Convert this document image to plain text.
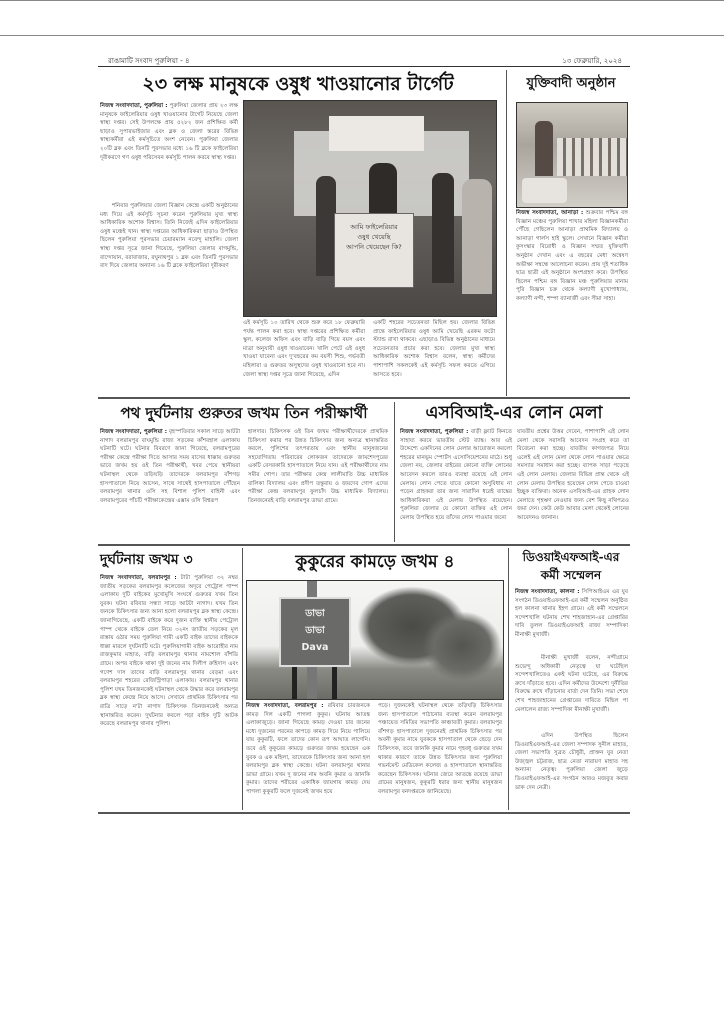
রাঙামাটি সংবাদ পুরুলিয়া - ৪	১৩ ফেব্রুয়ারি, ২০২৪
২৩ লক্ষ মানুষকে ওষুধ খাওয়ানোর টার্গেট
নিজস্ব সংবাদদাতা, পুরুলিয়া : পুরুলিয়া জেলার প্রায় ২৩ লক্ষ মানুষকে ফাইলেরিয়ার ওষুধ খাওয়ানোর টার্গেট নিয়েছে জেলা স্বাস্থ্য দপ্তর। সেই উপলক্ষে প্রায় ৫২৮২ জন প্রশিক্ষিত কর্মী ছাড়াও সুপারভাইজার এবং ব্লক ও জেলা স্তরের বিভিন্ন স্বাস্থ্যকর্মীরা এই কর্মসূচিতে অংশ নেবেন। পুরুলিয়া জেলার ২০টি ব্লক এবং তিনটি পুরসভার মধ্যে ১৬ টি ব্লকে ফাইলেরিয়া দূরীকরণে গণ ওষুধ পরিসেবন কর্মসূচি পালন করবে স্বাস্থ্য দপ্তর।
শনিবার পুরুলিয়ার জেলা বিজ্ঞান কেন্দ্রে একটি অনুষ্ঠানের মধ্য দিয়ে এই কর্মসূচি সূচনা করেন পুরুলিয়ার মুখ্য স্বাস্থ্য আধিকারিক অশোক বিশ্বাস। তিনি নিজেই এদিন ফাইলেরিয়ার ওষুধ মঞ্চেই খান। স্বাস্থ্য দপ্তরের আধিকারিকরা ছাড়াও উপস্থিত ছিলেন পুরুলিয়া পুরসভার চেয়ারম্যান নবেন্দু মাহালি। জেলা স্বাস্থ্য দপ্তর সূত্রে জানা গিয়েছে, পুরুলিয়া জেলার বাগমুন্ডি, বান্দোয়ান, বরাবাজার, রঘুনাথপুর ১ ব্লক এবং তিনটি পুরসভার বাদ দিয়ে জেলার অন্যান্য ১৬ টি ব্লকে ফাইলেরিয়া দূরীকরণ
আমি ফাইলেরিয়ার
ওষুধ খেয়েছি
আপনি খেয়েছেন কি?
এই কর্মসূচি ১০ তারিখ থেকে শুরু করে ১৮ ফেব্রুয়ারি পর্যন্ত পালন করা হবে। স্বাস্থ্য দপ্তরের প্রশিক্ষিত কর্মীরা স্কুল, কলেজ অফিস এবং বাড়ি বাড়ি গিয়ে বয়স এবং মাত্রা অনুযায়ী ওষুধ খাওয়াবেন। খালি পেটে এই ওষুধ খাওয়া যাবেনা এবং দু'বছরের কম বয়সী শিশু, গর্ভবতী মহিলারা ও গুরুতর অসুস্থদের ওষুধ খাওয়ানো হবে না। জেলা স্বাস্থ্য দপ্তর সূত্রে জানা গিয়েছে, এদিন
একটি শহরের সচেতনতা মিছিল হয়। জেলার বিভিন্ন প্রান্তে ফাইলেরিয়ার ওষুধ আমি খেয়েছি এরকম ফটো স্ট্যান্ড রাখা থাকবে। এছাড়াও বিভিন্ন অনুষ্ঠানের মাধ্যমে সচেতনতার প্রচার করা হবে। জেলার মুখ্য স্বাস্থ্য আধিকারিক অশোক বিশ্বাস বলেন, স্বাস্থ্য কর্মীদের পাশাপাশি সকলকেই এই কর্মসূচি সফল করতে এগিয়ে আসতে হবে।
যুক্তিবাদী অনুষ্ঠান
নিজস্ব সংবাদদাতা, আনাড়া : শুক্রবার পশ্চিম বঙ্গ বিজ্ঞান মঞ্চের পুরুলিয়া শাখার মহিলা বিজ্ঞানকর্মীরা পৌঁছে গেছিলেন আনাড়া প্রাথমিক বিদ্যালয় ও আনাড়া গার্লস হাই স্কুলে। সেখানে বিজ্ঞান কর্মীরা কুসংস্কার বিরোধী ও বিজ্ঞান সম্মত যুক্তিবাদী অনুষ্ঠান দেখান এবং এ বছরের মেধা অন্বেষণ অভীক্ষা সম্বন্ধে আলোচনা করেন। প্রায় দুই শতাধিক ছাত্র ছাত্রী এই অনুষ্ঠানে অংশগ্রহণ করে। উপস্থিত ছিলেন পশ্চিম বঙ্গ বিজ্ঞান মঞ্চ পুরুলিয়ার মানাম পুরি বিজ্ঞান চক্র থেকে কল্যাণী মুখোপাধ্যায়, কল্যাণী নন্দী, শম্পা ব্যানার্জী এবং সীমা সাহা।
পথ দুর্ঘটনায় গুরুতর জখম তিন পরীক্ষার্থী
নিজস্ব সংবাদদাতা, পুরুলিয়া : বৃহস্পতিবার সকাল সাড়ে আটটা নাগাদ বলরামপুর বাঘমুন্ডি রাজ্য সড়কের কাঁশবহাল এলাকায় ঘটনাটি ঘটে। ঘটনার বিবরণে জানা গিয়েছে, বলরামপুরের পরীক্ষা কেন্দ্রে পরীক্ষা দিতে আসার সময় বাসের ধাক্কায় গুরুতর ভাবে জখম হয় ওই তিন পরীক্ষার্থী, খবর পেয়ে স্থানীয়রা ঘটনাস্থল থেকে তড়িঘড়ি তাদেরকে বলরামপুর বাঁশগড় হাসপাতালে নিয়ে আসেন, সাথে সাথেই হাসপাতালে পৌঁছেন বলরামপুর থানার ওসি সহ বিশাল পুলিশ বাহিনী এবং বলরামপুরের পাঁচটি পরীক্ষাকেন্দ্রের এক্সাম ওসি বিশ্বরূপ
হালদার। চিকিৎসক ওই তিন জখম পরীক্ষার্থীদেরকে প্রাথমিক চিকিৎসা করার পর উন্নত চিকিৎসার জন্য অন্যত্র স্থানান্তরিত করলে, পুলিশের তৎপরতায় এবং স্থানীয় মানুষজনের সহযোগিতায় পরিবারের লোকজন তাদেরকে জামশেদপুরের একটি বেসরকারি হাসপাতালে নিয়ে যান। ওই পরীক্ষার্থীদের নাম সমীর গোপ। তার পরীক্ষার কেন্দ্র লালীমাতি উচ্চ মাধ্যমিক বালিকা বিদ্যালয় এবং প্রদীপ তন্তুবায় ও জয়দেব গোপ এদের পরীক্ষা কেন্দ্র বলরামপুর ফুলচাঁদ উচ্চ মাধ্যমিক বিদ্যালয়। তিনজনেরই বাড়ি বলরামপুর ডাভা গ্রামে।
এসবিআই-এর লোন মেলা
নিজস্ব সংবাদদাতা, পুরুলিয়া : বাড়ী ফ্ল্যাট কিনতে সাহায্য করবে ভারতীয় স্টেট ব্যাঙ্ক। আর এই উদ্দেশ্যে একদিনের লোন মেলার আয়োজন করলো শহরের মানভূম স্পোর্টস এসোসিয়েশনের মাঠে। শুধু জেলা নয়, জেলার বাইরের কোনো ব্যক্তি লোনের আবেদন করলে তারও ব্যবস্থা রয়েছে এই লোন মেলায়। লোন পেতে যাতে কোনো অসুবিধায় না পড়েন গ্রাহকরা তার জন্য সারাদিন ধরেই ব্যাঙ্কের আধিকারিকরা এই মেলায় উপস্থিত রয়েছেন। পুরুলিয়া জেলার যে কোনো ব্যক্তির এই লোন মেলায় উপস্থিত হয়ে তাঁদের লোন পাওয়ার জন্যে
যাবতীয় প্রশ্নের উত্তর দেবেন, পাশাপাশি এই লোন মেলা থেকে সরাসরি আবেদন সংগ্রহ করে তা বিবেচনা করা হচ্ছে। যাবতীয় কাগজপত্র নিয়ে এলেই এই লোন মেলা থেকে লোন পাওয়ার ক্ষেত্রে সমস্যার সমাধান করা হচ্ছে। ব্যাপক সাড়া পড়েছে এই লোন মেলায়। জেলার বিভিন্ন প্রান্ত থেকে এই লোন মেলায় উপস্থিত হয়েছেন লোন পেতে চাওয়া ইচ্ছুক ব্যক্তিরা। অনেক এসবিআই-এর গ্রাহক লোন মেলাতে গৃহঋণ নেওয়ার জন্য বেশ কিছু নথিপত্রও জমা দেন। কেউ কেউ আবার মেলা থেকেই লোনের আবেদনও জানান।
দুর্ঘটনায় জখম ৩
নিজস্ব সংবাদদাতা, বলরামপুর : টাটা পুরুলিয়া ৩২ নম্বর জাতীয় সড়কের বলরামপুর কলেজের অদূরে পেট্রোল পাম্প এলাকায় দুটি বাইকের মুখোমুখি সংঘর্ষে গুরুতর যখম তিন যুবক। ঘটনা রবিবার সন্ধ্যা সাড়ে আটটা নাগাদ। যখম তিন জনকে চিকিৎসার জন্য আনা হলো বলরামপুর ব্লক স্বাস্থ্য কেন্দ্রে। জানাগিয়েছে, একটি বাইকে করে দুজন ব্যক্তি স্থানীয় পেট্রোল পাম্প থেকে বাইকে তেল নিয়ে ৩২নং জাতীয় সড়কের মূল রাস্তায় ওঠার সময় পুরুলিয়া গামী একটি বাইক তাদের বাইককে ধাক্কা মারলে দুর্ঘটনাটি ঘটে। পুরুলিয়াগামী বাইক আরোহীর নাম রাজকুমার মাহাত, বাড়ি বলরামপুর থানার নামশোল বাঁশডি গ্রামে। অপর বাইকে থাকা দুই জনের নাম দিলীপ রুহিদাস এবং গণেশ দাস তাদের বাড়ি বলরামপুর থানার বেড়মা এবং বলরামপুর শহরের রেজিস্ট্রিপাড়া এলাকায়। বলরামপুর থানার পুলিশ যখম তিনজনকেই ঘটনাস্থল থেকে উদ্ধার করে বলরামপুর ব্লক স্বাস্থ্য কেন্দ্রে নিয়ে আসে। সেখানে প্রাথমিক চিকিৎসার পর রাত্রি সাড়ে ন'টা নাগাদ চিকিৎসক তিনজনকেই অন্যত্র স্থানান্তরিত করেন। দুর্ঘটনার কবলে পড়া বাইক দুটি আটক করেছে বলরামপুর থানার পুলিশ।
কুকুরের কামড়ে জখম ৪
ডাভা
ডাভা
Dava
নিজস্ব সংবাদদাতা, বলরামপুর : রবিবার চারজনকে কামড় দিল একটি পাগলা কুকুর। ঘটনায় আতঙ্ক এলাকাজুড়ে। জানা গিয়েছে কামড় দেওয়া চার জনের মধ্যে দুজনের পরনের কাপড়ে কামড় দিয়ে নিয়ে পালিয়ে যায় কুকুরটি, ফলে তাদের কোন রূপ আঘাত লাগেনি। তবে ওই কুকুরের কামড়ে গুরুতর জখম হয়েছেন এক যুবক ও এক মহিলা, তাদেরকে চিকিৎসার জন্য আনা হল বলরামপুর ব্লক স্বাস্থ্য কেন্দ্রে। ঘটনা বলরামপুর থানার ডাভা গ্রামে। যখম দু জনের নাম অবনি কুমার ও জানকি কুমার। তাদের শরীরের একাধিক জায়গায় কামড় দেয় পাগলা কুকুরটি ফলে দুজনেই জখম হয়ে
পড়ে। দুজনকেই ঘটনাস্থল থেকে তড়িঘড়ি চিকিৎসার জন্য হাসপাতালে পাঠানোর ব্যবস্থা করেন বলরামপুর পঞ্চায়েত সমিতির সভাপতি কাঞ্চাবতী কুমার। বলরামপুর বাঁশগড় হাসপাতালে দুজনেরই প্রাথমিক চিকিৎসার পর অবনী কুমার নামে যুবককে হাসপাতাল থেকে ছেড়ে দেন চিকিৎসক, তবে জানকি কুমার নামে গৃহবধূ গুরুতর যখম থাকার কারণে তাকে উন্নত চিকিৎসার জন্য পুরুলিয়া গভর্নমেন্ট মেডিকেল কলেজ ও হাসপাতালে স্থানান্তরিত করেছেন চিকিৎসক। ঘটনার জেরে আতঙ্কে রয়েছে ডাভা গ্রামের মানুষজন, কুকুরটি ধরার জন্য স্থানীয় মানুষজন বলরামপুর বনদপ্তরকে জানিয়েছে।
ডিওয়াইএফআই-এর
কর্মী সম্মেলন
নিজস্ব সংবাদদাতা, কালনা : সিপিআইএম এর যুব সংগঠন ডিওয়াইএফআই-এর কর্মী সম্মেলন অনুষ্ঠিত হল কালনা থানার ইহগ গ্রামে। এই কর্মী সম্মেলনে সন্দেশখালি ঘটনায় শেখ শাহজাহান-এর গ্রেপ্তারির দাবি তুলল ডিওয়াইএফআই রাজ্য সম্পাদিকা মীনাক্ষী মুখার্জী।
মীনাক্ষী মুখার্জী বলেন, নন্দীগ্রামে শুভেন্দু অধিকারী নেতৃত্বে যা ঘটেছিল সন্দেশখালিতেও একই ঘটনা ঘটেছে, এর বিরুদ্ধে রুখে দাঁড়াতে হবে। এদিন কর্মীদের উদ্দেশ্যে দুর্নীতির বিরুদ্ধে রুখে দাঁড়ানোর বার্তা দেন তিনি। সভা শেষে শেখ শাহজাহানের গ্রেপ্তারের দাবিতে মিছিল পা মেলালেন রাজ্য সম্পাদিকা মীনাক্ষী মুখার্জী।
এদিন উপস্থিত ছিলেন ডিওয়াইএফআই-এর জেলা সম্পাদক সুনীল মাহাত, জেলা সভাপতি সুব্রত চৌধুরী, প্রাক্তন যুব নেতা উজ্জ্বল চট্টরাজ, ছাত্র নেতা নারায়ণ মাহাত সহ অন্যান্য নেতৃত্ব। পুরুলিয়া জেলা জুড়ে ডিওয়াইএফআই-এর সংগঠন আরও মজবুত করার ডাক দেন নেত্রী।
